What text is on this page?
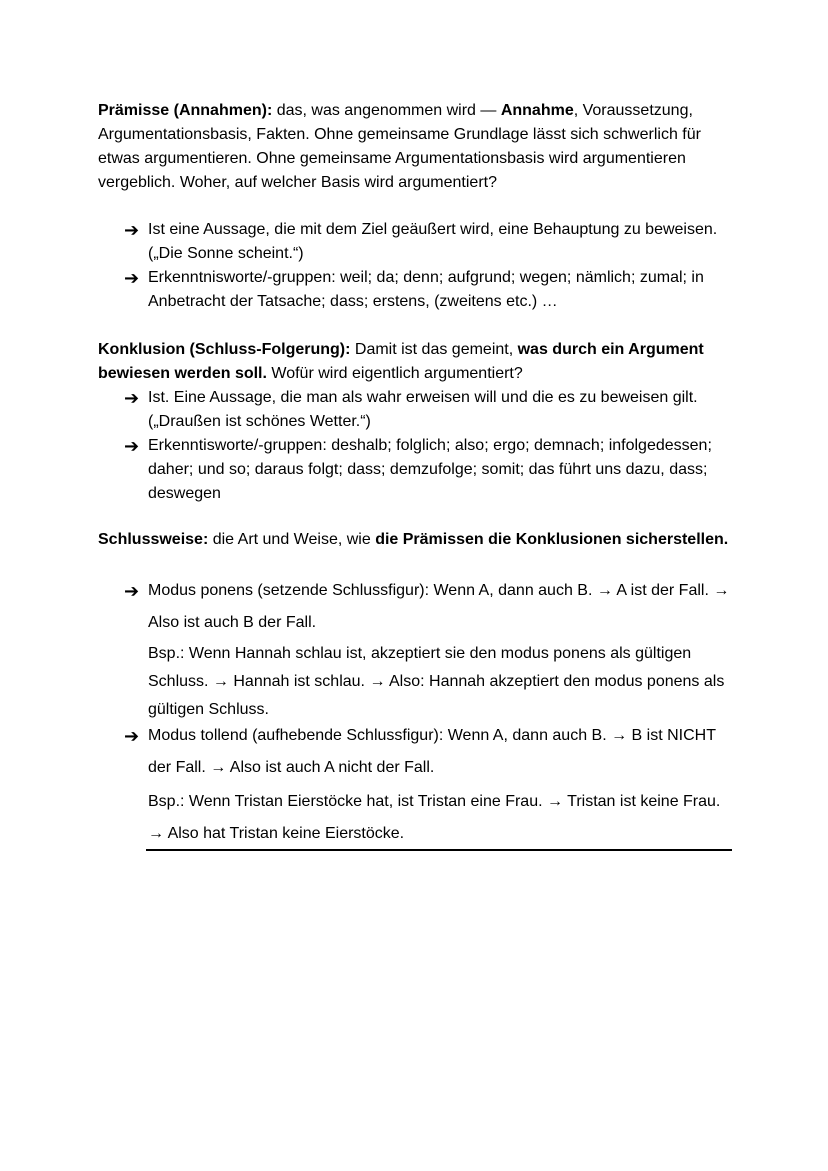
Prämisse (Annahmen): das, was angenommen wird — Annahme, Voraussetzung, Argumentationsbasis, Fakten. Ohne gemeinsame Grundlage lässt sich schwerlich für etwas argumentieren. Ohne gemeinsame Argumentationsbasis wird argumentieren vergeblich. Woher, auf welcher Basis wird argumentiert?
➔ Ist eine Aussage, die mit dem Ziel geäußert wird, eine Behauptung zu beweisen. („Die Sonne scheint.“)
➔ Erkenntnisworte/-gruppen: weil; da; denn; aufgrund; wegen; nämlich; zumal; in Anbetracht der Tatsache; dass; erstens, (zweitens etc.) …
Konklusion (Schluss-Folgerung): Damit ist das gemeint, was durch ein Argument bewiesen werden soll. Wofür wird eigentlich argumentiert?
➔ Ist. Eine Aussage, die man als wahr erweisen will und die es zu beweisen gilt. („Draußen ist schönes Wetter.“)
➔ Erkenntisworte/-gruppen: deshalb; folglich; also; ergo; demnach; infolgedessen; daher; und so; daraus folgt; dass; demzufolge; somit; das führt uns dazu, dass; deswegen
Schlussweise: die Art und Weise, wie die Prämissen die Konklusionen sicherstellen.
➔ Modus ponens (setzende Schlussfigur): Wenn A, dann auch B. → A ist der Fall. → Also ist auch B der Fall.
Bsp.: Wenn Hannah schlau ist, akzeptiert sie den modus ponens als gültigen Schluss. → Hannah ist schlau. → Also: Hannah akzeptiert den modus ponens als gültigen Schluss.
➔ Modus tollend (aufhebende Schlussfigur): Wenn A, dann auch B. → B ist NICHT der Fall. → Also ist auch A nicht der Fall.
Bsp.: Wenn Tristan Eierstöcke hat, ist Tristan eine Frau. → Tristan ist keine Frau. → Also hat Tristan keine Eierstöcke.
